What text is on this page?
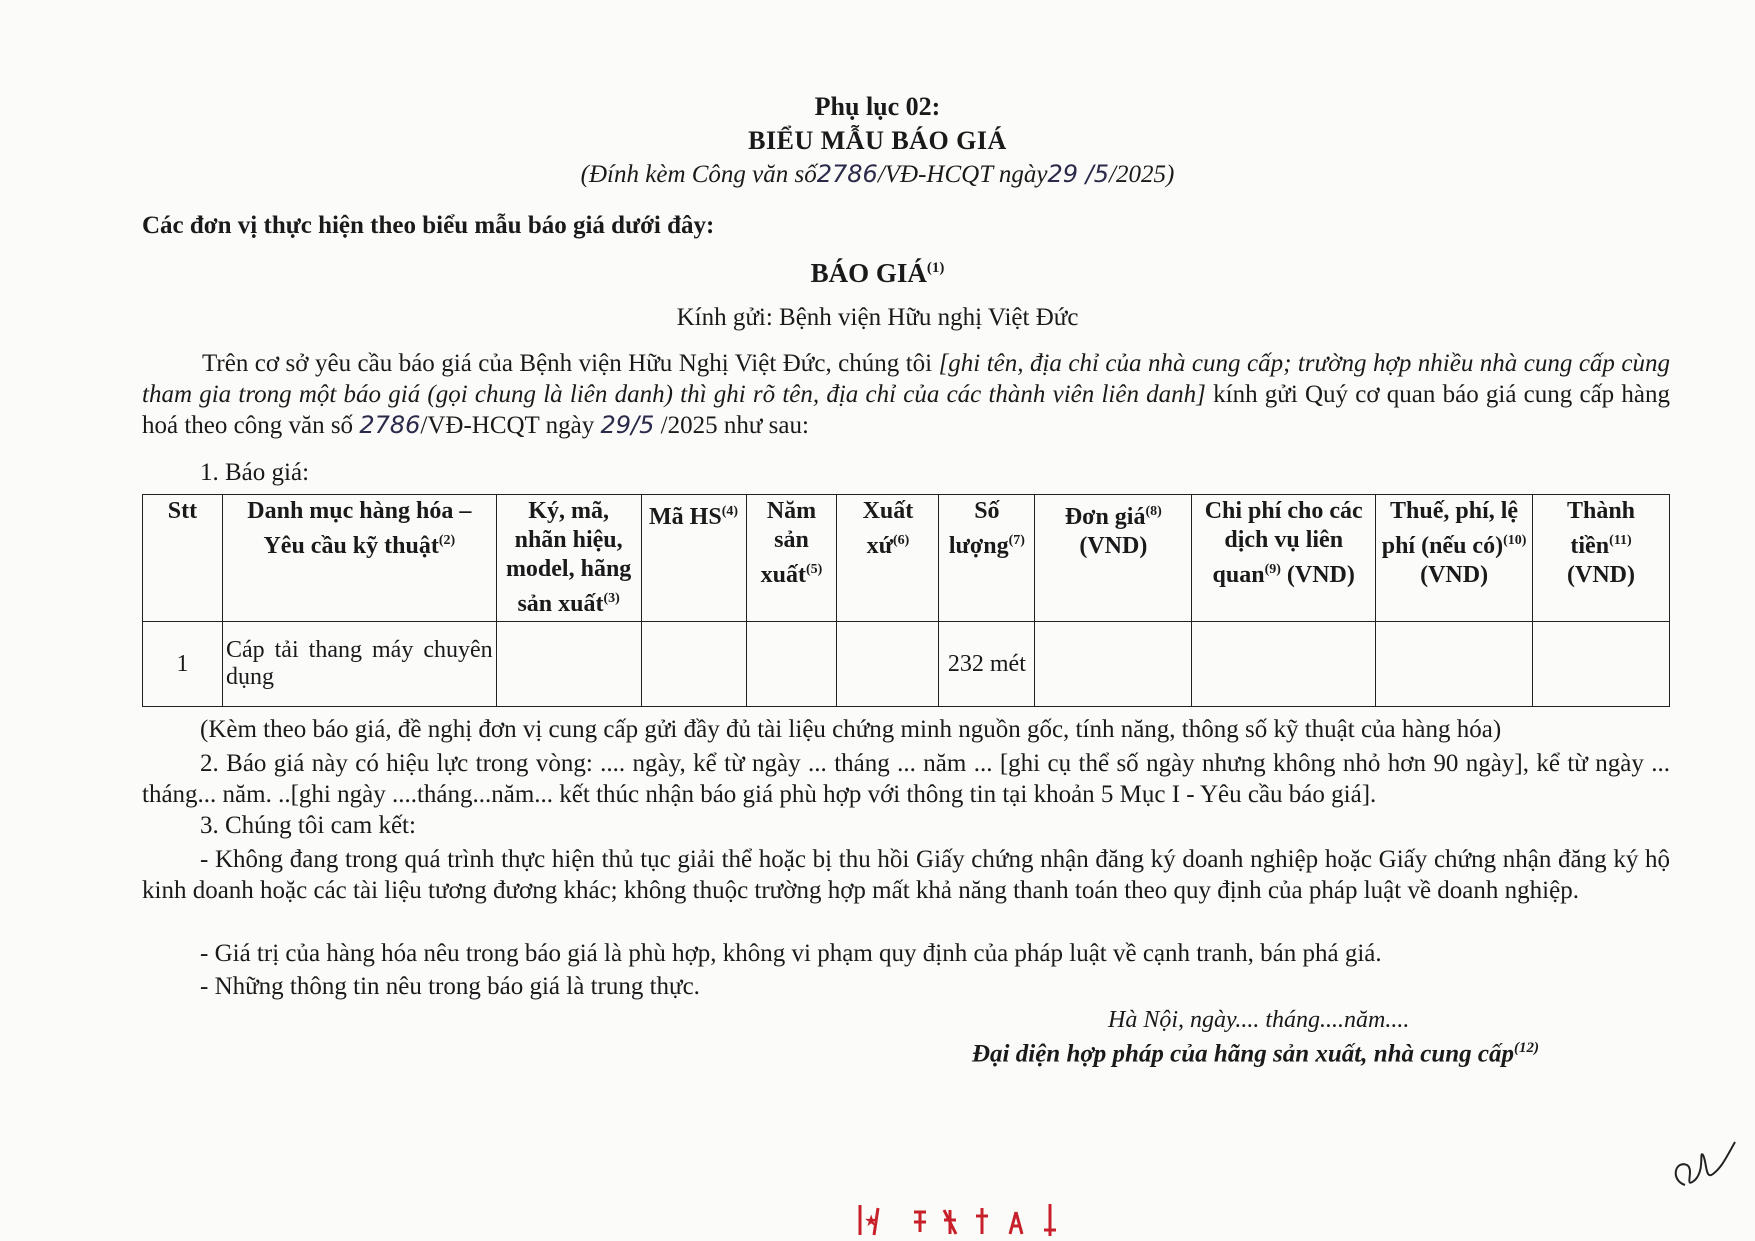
Phụ lục 02:
BIỂU MẪU BÁO GIÁ
(Đính kèm Công văn số2786/VĐ-HCQT ngày29 /5/2025)
Các đơn vị thực hiện theo biểu mẫu báo giá dưới đây:
BÁO GIÁ$^{(1)}$
Kính gửi: Bệnh viện Hữu nghị Việt Đức
Trên cơ sở yêu cầu báo giá của Bệnh viện Hữu Nghị Việt Đức, chúng tôi [ghi tên, địa chỉ của nhà cung cấp; trường hợp nhiều nhà cung cấp cùng tham gia trong một báo giá (gọi chung là liên danh) thì ghi rõ tên, địa chỉ của các thành viên liên danh] kính gửi Quý cơ quan báo giá cung cấp hàng hoá theo công văn số 2786/VĐ-HCQT ngày 29/5 /2025 như sau:
1. Báo giá:
Stt	Danh mục hàng hóa – Yêu cầu kỹ thuật$^{(2)}$	Ký, mã, nhãn hiệu, model, hãng sản xuất$^{(3)}$	Mã HS$^{(4)}$	Năm sản xuất$^{(5)}$	Xuất xứ$^{(6)}$	Số lượng$^{(7)}$	Đơn giá$^{(8)}$ (VND)	Chi phí cho các dịch vụ liên quan$^{(9)}$ (VND)	Thuế, phí, lệ phí (nếu có)$^{(10)}$ (VND)	Thành tiền$^{(11)}$ (VND)
1	Cáp tải thang máy chuyên dụng					232 mét				
(Kèm theo báo giá, đề nghị đơn vị cung cấp gửi đầy đủ tài liệu chứng minh nguồn gốc, tính năng, thông số kỹ thuật của hàng hóa)
2. Báo giá này có hiệu lực trong vòng: .... ngày, kể từ ngày ... tháng ... năm ... [ghi cụ thể số ngày nhưng không nhỏ hơn 90 ngày], kể từ ngày ... tháng... năm. ..[ghi ngày ....tháng...năm... kết thúc nhận báo giá phù hợp với thông tin tại khoản 5 Mục I - Yêu cầu báo giá].
3. Chúng tôi cam kết:
- Không đang trong quá trình thực hiện thủ tục giải thể hoặc bị thu hồi Giấy chứng nhận đăng ký doanh nghiệp hoặc Giấy chứng nhận đăng ký hộ kinh doanh hoặc các tài liệu tương đương khác; không thuộc trường hợp mất khả năng thanh toán theo quy định của pháp luật về doanh nghiệp.
- Giá trị của hàng hóa nêu trong báo giá là phù hợp, không vi phạm quy định của pháp luật về cạnh tranh, bán phá giá.
- Những thông tin nêu trong báo giá là trung thực.
Hà Nội, ngày.... tháng....năm....
Đại diện hợp pháp của hãng sản xuất, nhà cung cấp$^{(12)}$
★
